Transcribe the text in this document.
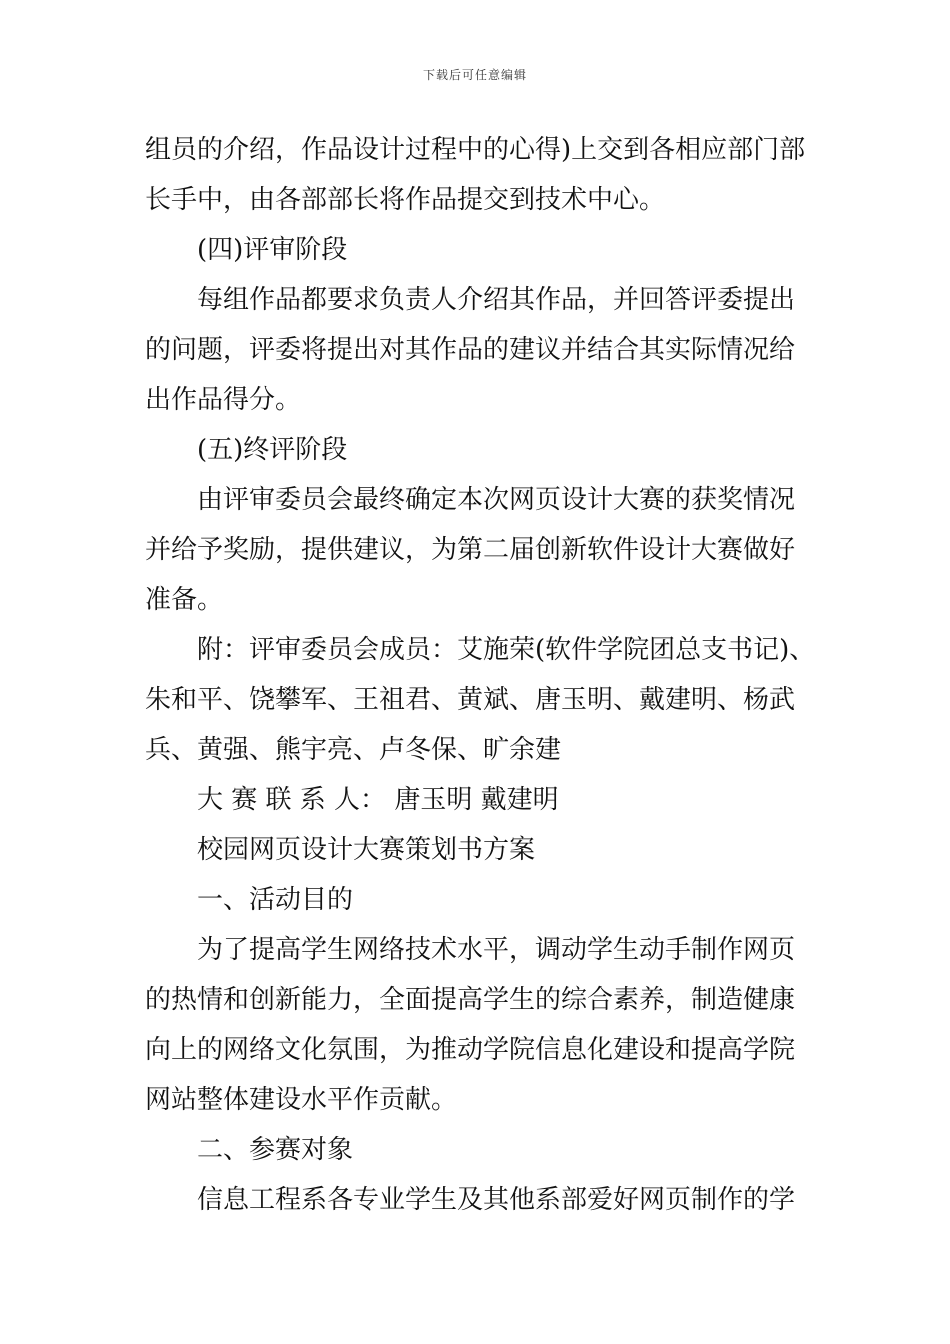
下载后可任意编辑
组员的介绍，作品设计过程中的心得)上交到各相应部门部
长手中，由各部部长将作品提交到技术中心。
(四)评审阶段
每组作品都要求负责人介绍其作品，并回答评委提出
的问题，评委将提出对其作品的建议并结合其实际情况给
出作品得分。
(五)终评阶段
由评审委员会最终确定本次网页设计大赛的获奖情况
并给予奖励，提供建议，为第二届创新软件设计大赛做好
准备。
附：评审委员会成员：艾施荣(软件学院团总支书记)、
朱和平、饶攀军、王祖君、黄斌、唐玉明、戴建明、杨武
兵、黄强、熊宇亮、卢冬保、旷余建
大 赛 联 系 人： 唐玉明 戴建明
校园网页设计大赛策划书方案
一、活动目的
为了提高学生网络技术水平，调动学生动手制作网页
的热情和创新能力，全面提高学生的综合素养，制造健康
向上的网络文化氛围，为推动学院信息化建设和提高学院
网站整体建设水平作贡献。
二、参赛对象
信息工程系各专业学生及其他系部爱好网页制作的学
